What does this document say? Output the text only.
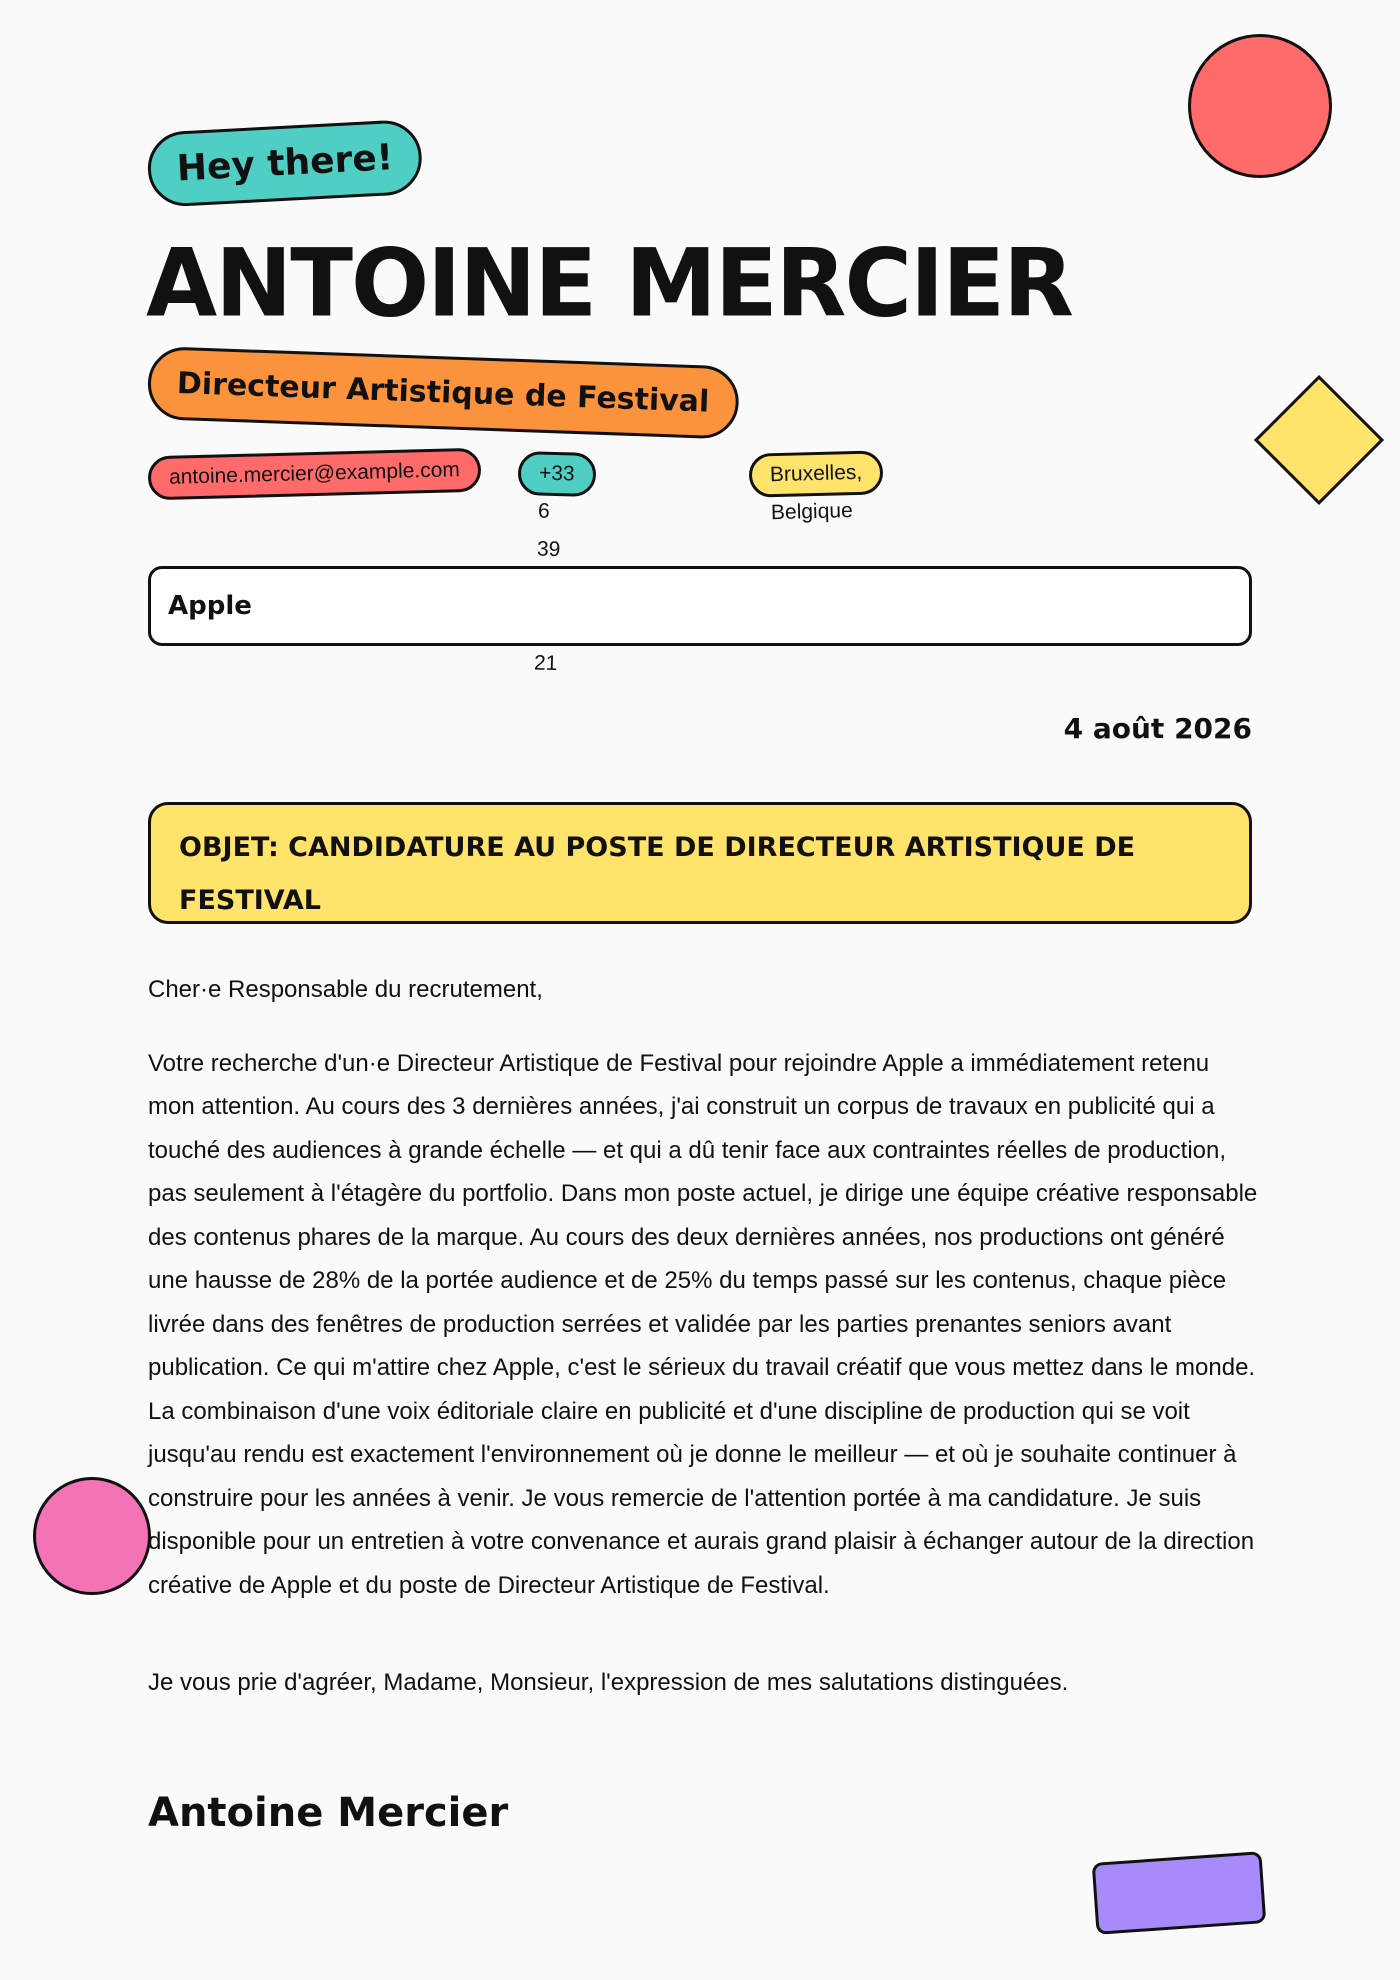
Hey there!
ANTOINE MERCIER
Directeur Artistique de Festival
antoine.mercier@example.com	+33 6 39 21
Bruxelles, Belgique
Apple
4 août 2026
OBJET: CANDIDATURE AU POSTE DE DIRECTEUR ARTISTIQUE DE FESTIVAL

Cher·e Responsable du recrutement,

Votre recherche d'un·e Directeur Artistique de Festival pour rejoindre Apple a immédiatement retenu mon attention. Au cours des 3 dernières années, j'ai construit un corpus de travaux en publicité qui a touché des audiences à grande échelle — et qui a dû tenir face aux contraintes réelles de production, pas seulement à l'étagère du portfolio. Dans mon poste actuel, je dirige une équipe créative responsable des contenus phares de la marque. Au cours des deux dernières années, nos productions ont généré une hausse de 28% de la portée audience et de 25% du temps passé sur les contenus, chaque pièce livrée dans des fenêtres de production serrées et validée par les parties prenantes seniors avant publication. Ce qui m'attire chez Apple, c'est le sérieux du travail créatif que vous mettez dans le monde. La combinaison d'une voix éditoriale claire en publicité et d'une discipline de production qui se voit jusqu'au rendu est exactement l'environnement où je donne le meilleur — et où je souhaite continuer à construire pour les années à venir. Je vous remercie de l'attention portée à ma candidature. Je suis disponible pour un entretien à votre convenance et aurais grand plaisir à échanger autour de la direction créative de Apple et du poste de Directeur Artistique de Festival.

Je vous prie d'agréer, Madame, Monsieur, l'expression de mes salutations distinguées.

Antoine Mercier
